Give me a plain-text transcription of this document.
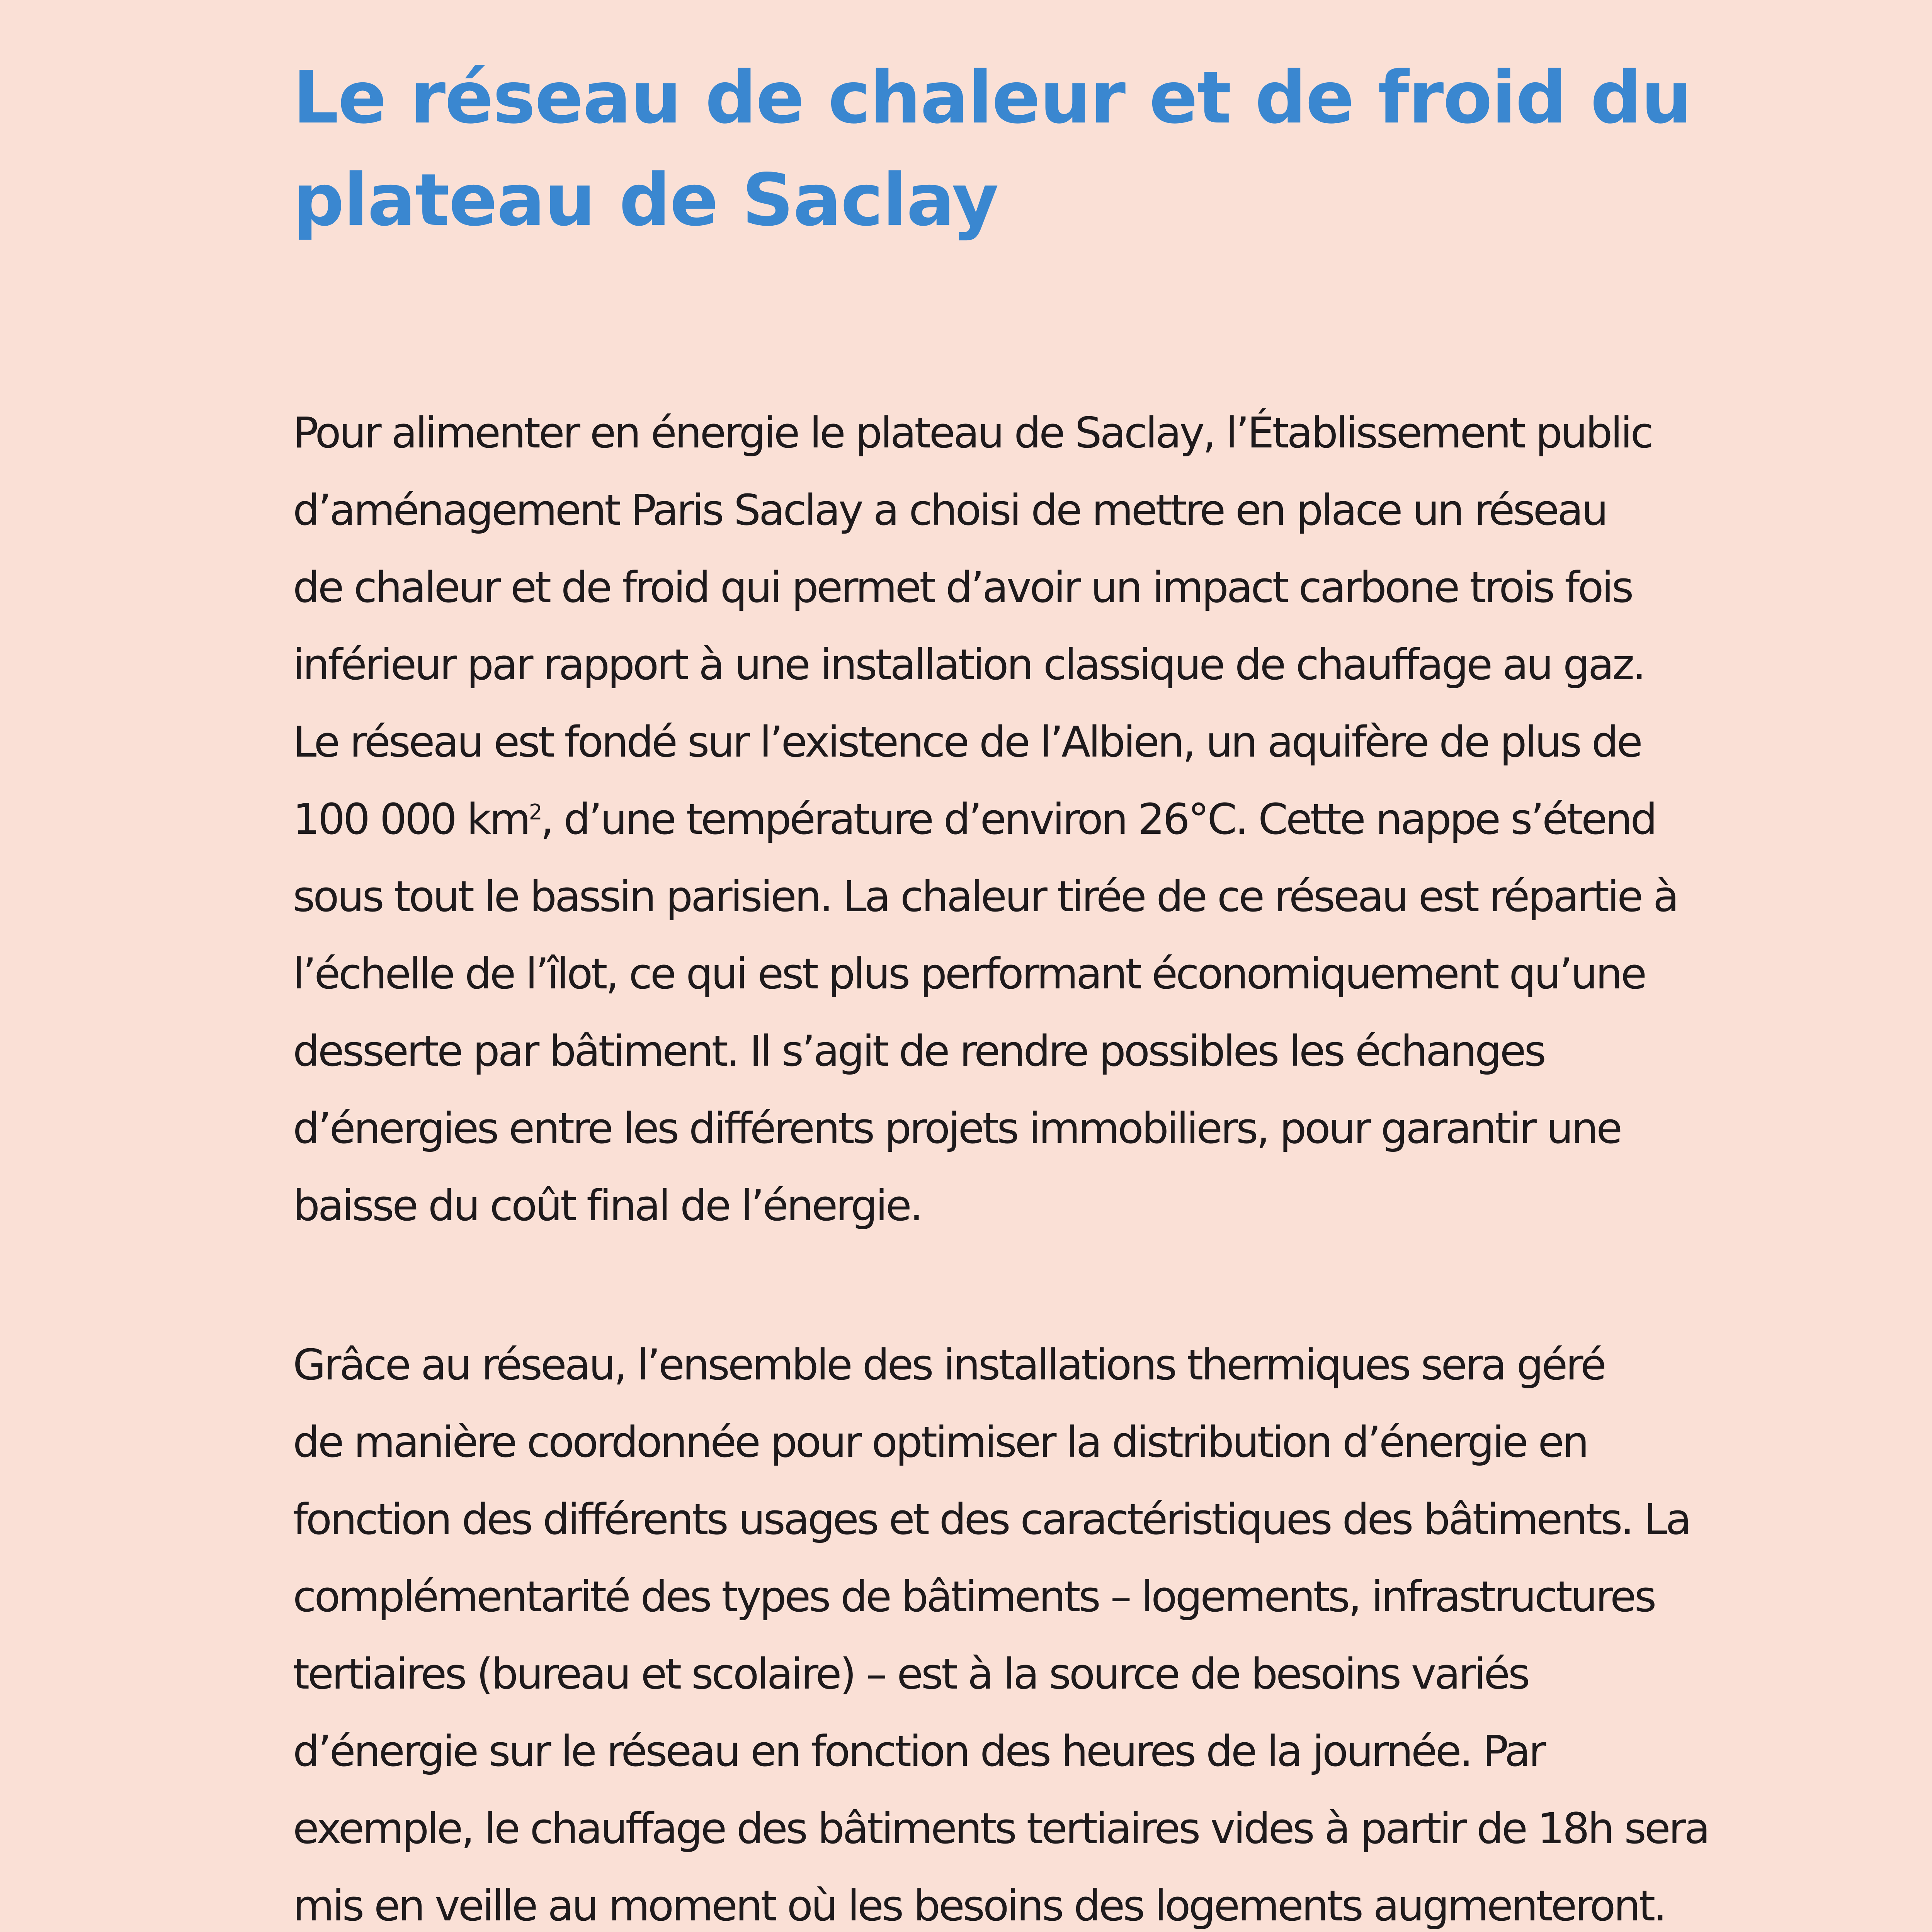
Le réseau de chaleur et de froid du
plateau de Saclay

Pour alimenter en énergie le plateau de Saclay, l’Établissement public
d’aménagement Paris Saclay a choisi de mettre en place un réseau
de chaleur et de froid qui permet d’avoir un impact carbone trois fois
inférieur par rapport à une installation classique de chauffage au gaz.
Le réseau est fondé sur l’existence de l’Albien, un aquifère de plus de
100 000 $km^2$, d’une température d’environ 26°C. Cette nappe s’étend
sous tout le bassin parisien. La chaleur tirée de ce réseau est répartie à
l’échelle de l’îlot, ce qui est plus performant économiquement qu’une
desserte par bâtiment. Il s’agit de rendre possibles les échanges
d’énergies entre les différents projets immobiliers, pour garantir une
baisse du coût final de l’énergie.

Grâce au réseau, l’ensemble des installations thermiques sera géré
de manière coordonnée pour optimiser la distribution d’énergie en
fonction des différents usages et des caractéristiques des bâtiments. La
complémentarité des types de bâtiments – logements, infrastructures
tertiaires (bureau et scolaire) – est à la source de besoins variés
d’énergie sur le réseau en fonction des heures de la journée. Par
exemple, le chauffage des bâtiments tertiaires vides à partir de 18h sera
mis en veille au moment où les besoins des logements augmenteront.
